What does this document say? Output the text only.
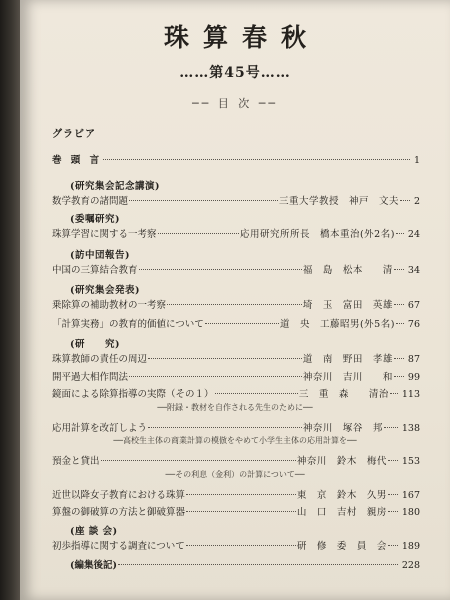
珠算春秋
……第45号……
── 目 次 ──
グラビア
巻 頭 言	1
(研究集会記念講演)
数学教育の諸問題	三重大学教授　神戸　文夫 2
(委嘱研究)
珠算学習に関する一考察	応用研究所所長　橋本重治(外2名) 24
(訪中団報告)
中国の三算結合教育	福　島　松本　　清 34
(研究集会発表)
乗除算の補助教材の一考察	埼　玉　富田　英雄 67
「計算実務」の教育的価値について	道　央　工藤昭男(外5名) 76
(研　　究)
珠算教師の責任の周辺	道　南　野田　孝雄 87
開平過大相作問法	神奈川　吉川　　和 99
鏡面による除算指導の実際（その１）	三　重　森　　清治 113
──附録・教材を自作される先生のために──
応用計算を改訂しよう	神奈川　塚谷　邦 138
──高校生主体の商業計算の模倣をやめて小学生主体の応用計算を──
預金と貸出	神奈川　鈴木　梅代 153
──その利息（金利）の計算について──
近世以降女子教育における珠算	東　京　鈴木　久男 167
算盤の御破算の方法と御破算器	山　口　吉村　親房 180
(座 談 会)
初歩指導に関する調査について	研　修　委　員　会 189
(編集後記)	228
